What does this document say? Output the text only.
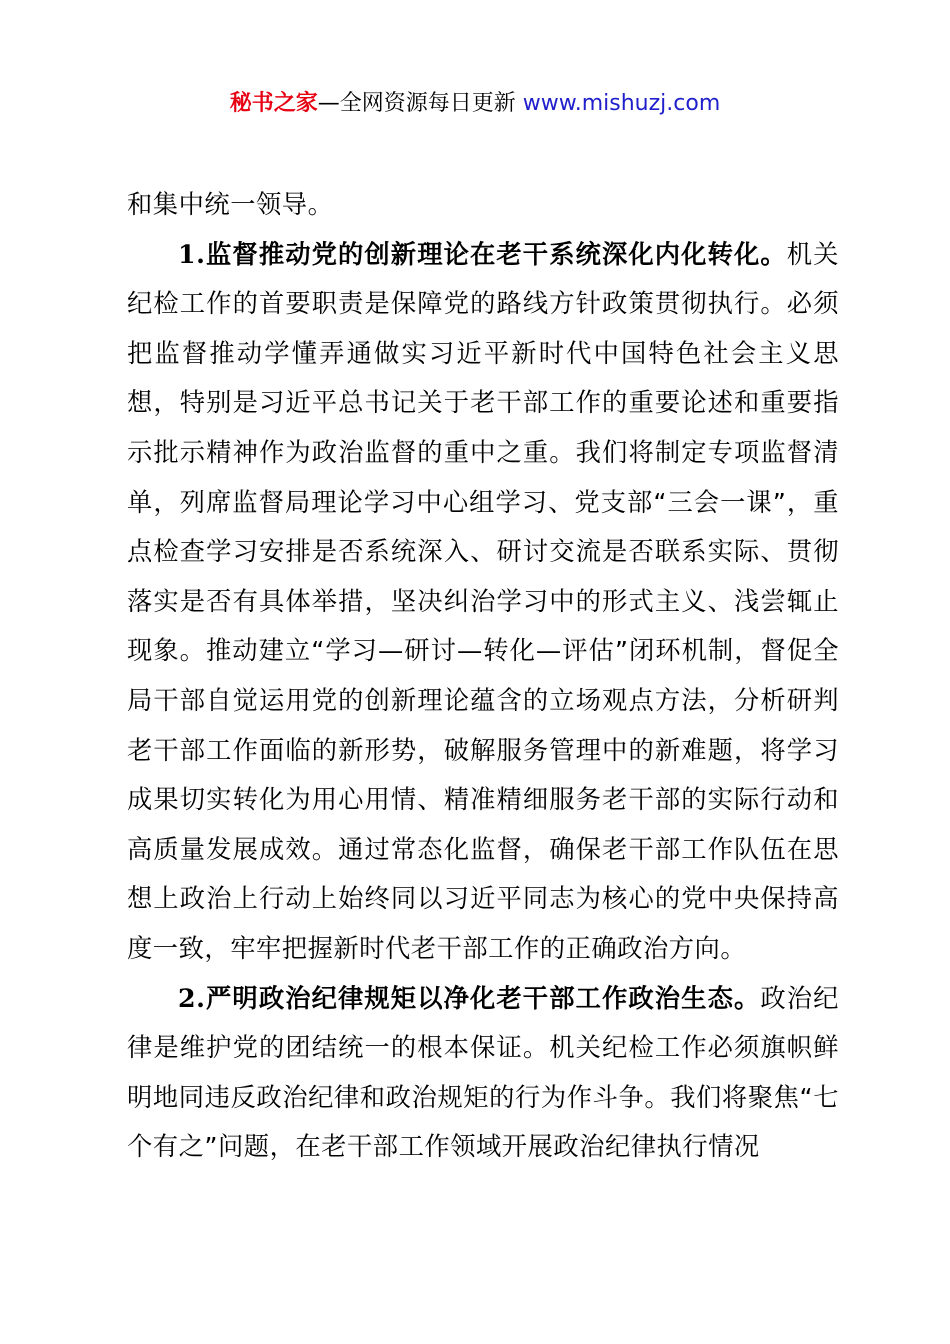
秘书之家—全网资源每日更新 www.mishuzj.com

和集中统一领导。

1.监督推动党的创新理论在老干系统深化内化转化。机关纪检工作的首要职责是保障党的路线方针政策贯彻执行。必须把监督推动学懂弄通做实习近平新时代中国特色社会主义思想，特别是习近平总书记关于老干部工作的重要论述和重要指示批示精神作为政治监督的重中之重。我们将制定专项监督清单，列席监督局理论学习中心组学习、党支部“三会一课”，重点检查学习安排是否系统深入、研讨交流是否联系实际、贯彻落实是否有具体举措，坚决纠治学习中的形式主义、浅尝辄止现象。推动建立“学习—研讨—转化—评估”闭环机制，督促全局干部自觉运用党的创新理论蕴含的立场观点方法，分析研判老干部工作面临的新形势，破解服务管理中的新难题，将学习成果切实转化为用心用情、精准精细服务老干部的实际行动和高质量发展成效。通过常态化监督，确保老干部工作队伍在思想上政治上行动上始终同以习近平同志为核心的党中央保持高度一致，牢牢把握新时代老干部工作的正确政治方向。

2.严明政治纪律规矩以净化老干部工作政治生态。政治纪律是维护党的团结统一的根本保证。机关纪检工作必须旗帜鲜明地同违反政治纪律和政治规矩的行为作斗争。我们将聚焦“七个有之”问题，在老干部工作领域开展政治纪律执行情况
